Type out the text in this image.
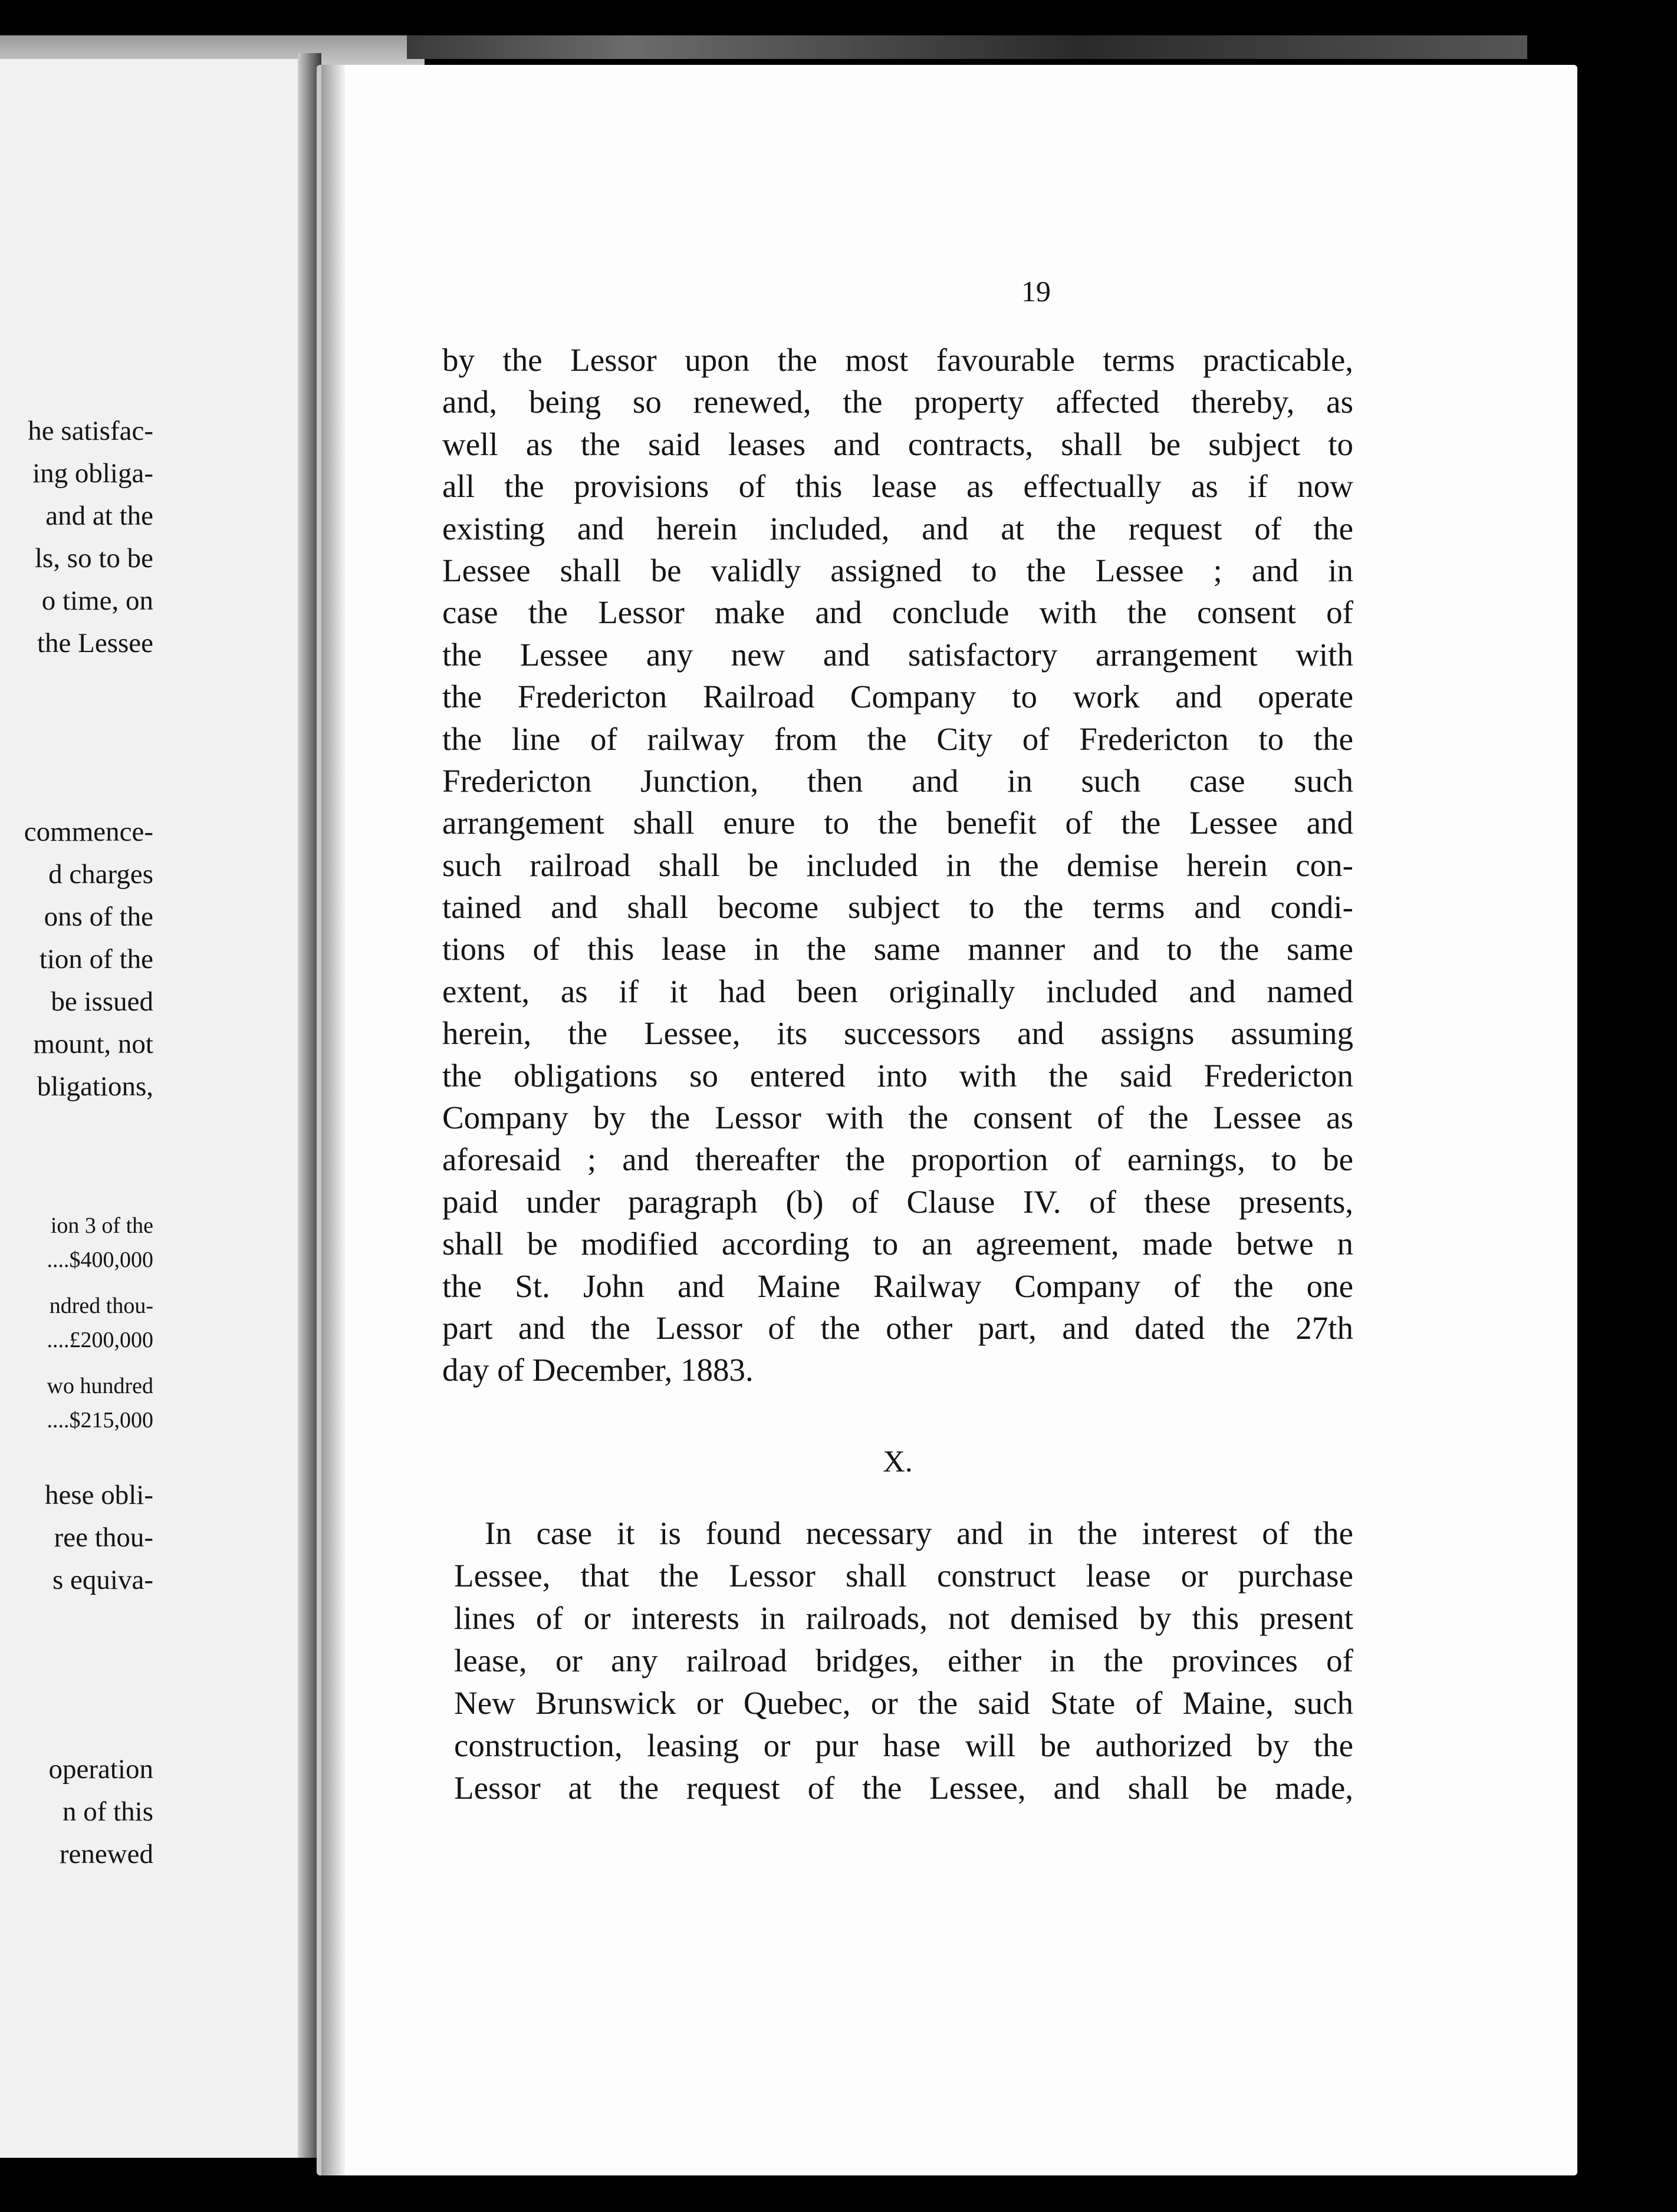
he satisfac-
ing obliga-
and at the
ls, so to be
o time, on
the Lessee
commence-
d charges
ons of the
tion of the
be issued
mount, not
bligations,
ion 3 of the
....$400,000
ndred thou-
....£200,000
wo hundred
....$215,000
hese obli-
ree thou-
s equiva-
operation
n of this
renewed
19
by the Lessor upon the most favourable terms practicable,
and, being so renewed, the property affected thereby, as
well as the said leases and contracts, shall be subject to
all the provisions of this lease as effectually as if now
existing and herein included, and at the request of the
Lessee shall be validly assigned to the Lessee ; and in
case the Lessor make and conclude with the consent of
the Lessee any new and satisfactory arrangement with
the Fredericton Railroad Company to work and operate
the line of railway from the City of Fredericton to the
Fredericton Junction, then and in such case such
arrangement shall enure to the benefit of the Lessee and
such railroad shall be included in the demise herein con-
tained and shall become subject to the terms and condi-
tions of this lease in the same manner and to the same
extent, as if it had been originally included and named
herein, the Lessee, its successors and assigns assuming
the obligations so entered into with the said Fredericton
Company by the Lessor with the consent of the Lessee as
aforesaid ; and thereafter the proportion of earnings, to be
paid under paragraph (b) of Clause IV. of these presents,
shall be modified according to an agreement, made betwe n
the St. John and Maine Railway Company of the one
part and the Lessor of the other part, and dated the 27th
day of December, 1883.
X.
In case it is found necessary and in the interest of the
Lessee, that the Lessor shall construct lease or purchase
lines of or interests in railroads, not demised by this present
lease, or any railroad bridges, either in the provinces of
New Brunswick or Quebec, or the said State of Maine, such
construction, leasing or pur hase will be authorized by the
Lessor at the request of the Lessee, and shall be made,
